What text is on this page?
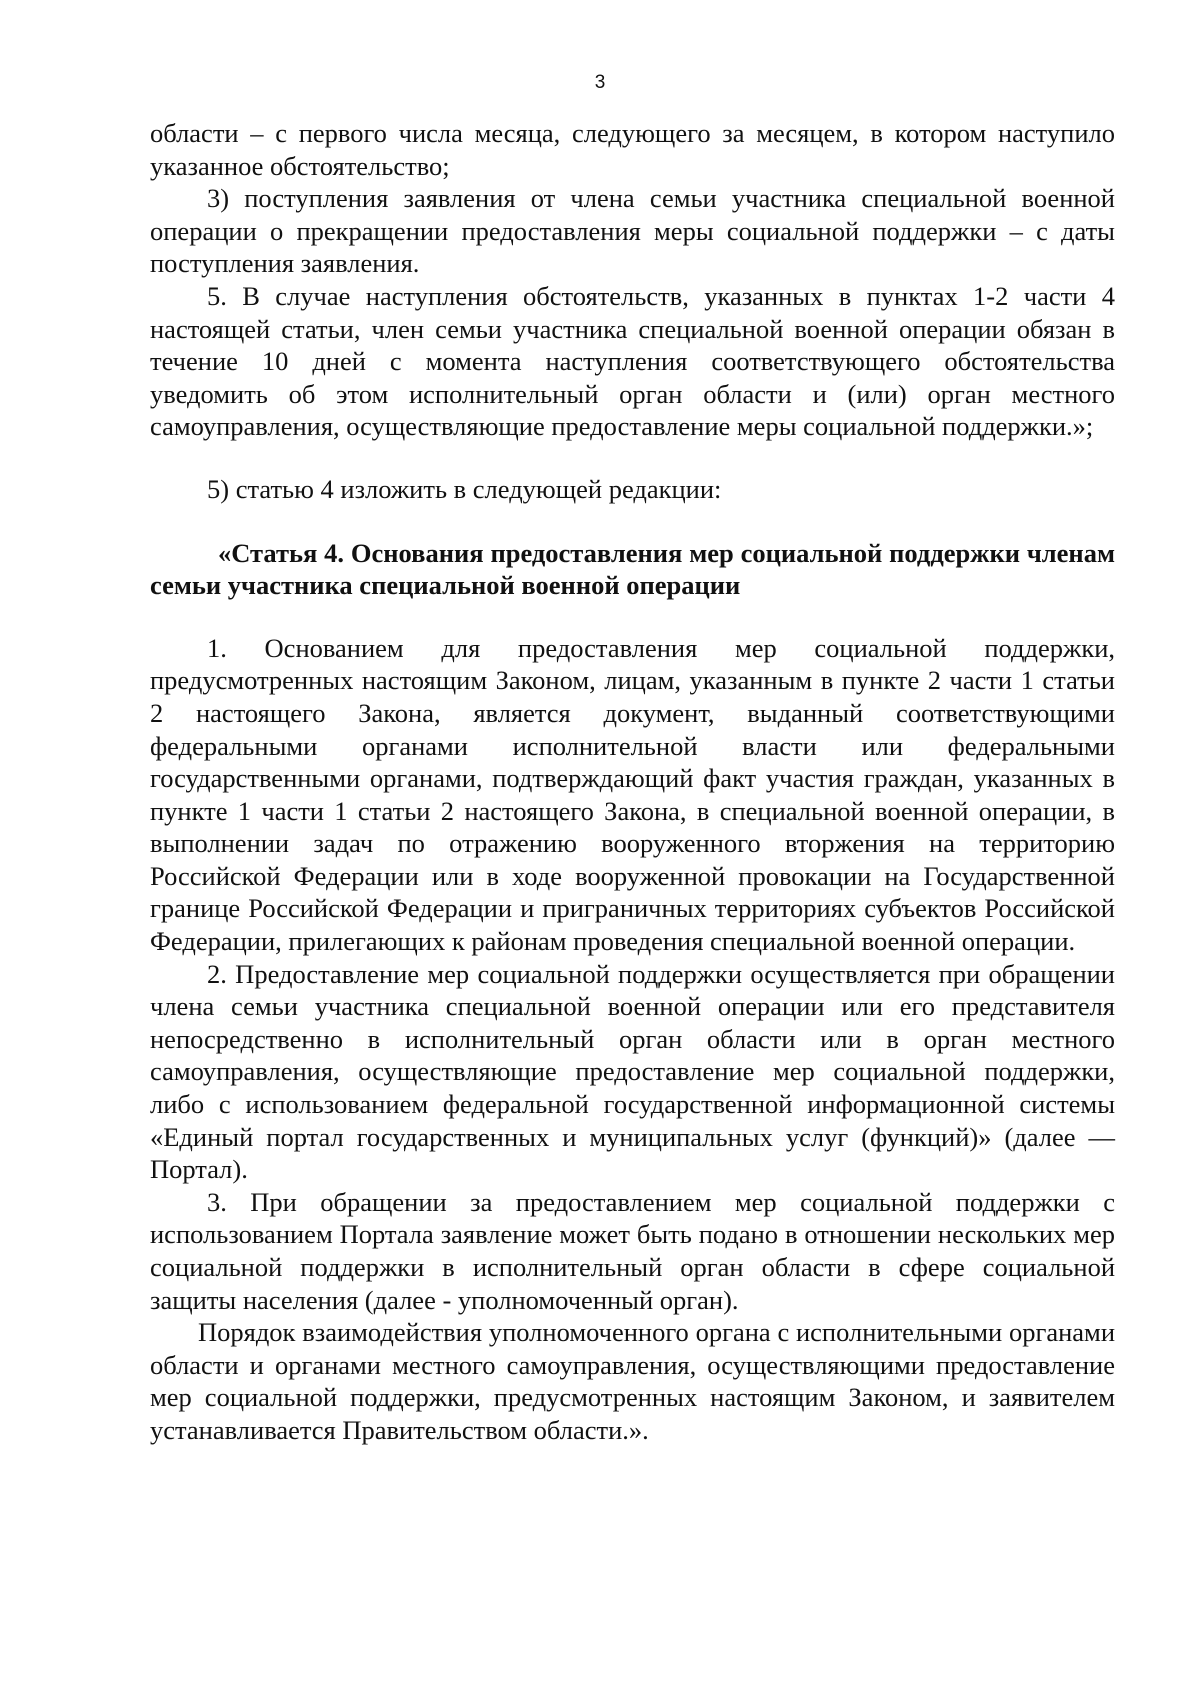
3

области – с первого числа месяца, следующего за месяцем, в котором наступило указанное обстоятельство;

3) поступления заявления от члена семьи участника специальной военной операции о прекращении предоставления меры социальной поддержки – с даты поступления заявления.

5. В случае наступления обстоятельств, указанных в пунктах 1-2 части 4 настоящей статьи, член семьи участника специальной военной операции обязан в течение 10 дней с момента наступления соответствующего обстоятельства уведомить об этом исполнительный орган области и (или) орган местного самоуправления, осуществляющие предоставление меры социальной поддержки.»;

5) статью 4 изложить в следующей редакции:

«Статья 4. Основания предоставления мер социальной поддержки членам семьи участника специальной военной операции

1. Основанием для предоставления мер социальной поддержки, предусмотренных настоящим Законом, лицам, указанным в пункте 2 части 1 статьи 2 настоящего Закона, является документ, выданный соответствующими федеральными органами исполнительной власти или федеральными государственными органами, подтверждающий факт участия граждан, указанных в пункте 1 части 1 статьи 2 настоящего Закона, в специальной военной операции, в выполнении задач по отражению вооруженного вторжения на территорию Российской Федерации или в ходе вооруженной провокации на Государственной границе Российской Федерации и приграничных территориях субъектов Российской Федерации, прилегающих к районам проведения специальной военной операции.

2. Предоставление мер социальной поддержки осуществляется при обращении члена семьи участника специальной военной операции или его представителя непосредственно в исполнительный орган области или в орган местного самоуправления, осуществляющие предоставление мер социальной поддержки, либо с использованием федеральной государственной информационной системы «Единый портал государственных и муниципальных услуг (функций)» (далее — Портал).

3. При обращении за предоставлением мер социальной поддержки с использованием Портала заявление может быть подано в отношении нескольких мер социальной поддержки в исполнительный орган области в сфере социальной защиты населения (далее - уполномоченный орган).

Порядок взаимодействия уполномоченного органа с исполнительными органами области и органами местного самоуправления, осуществляющими предоставление мер социальной поддержки, предусмотренных настоящим Законом, и заявителем устанавливается Правительством области.».
